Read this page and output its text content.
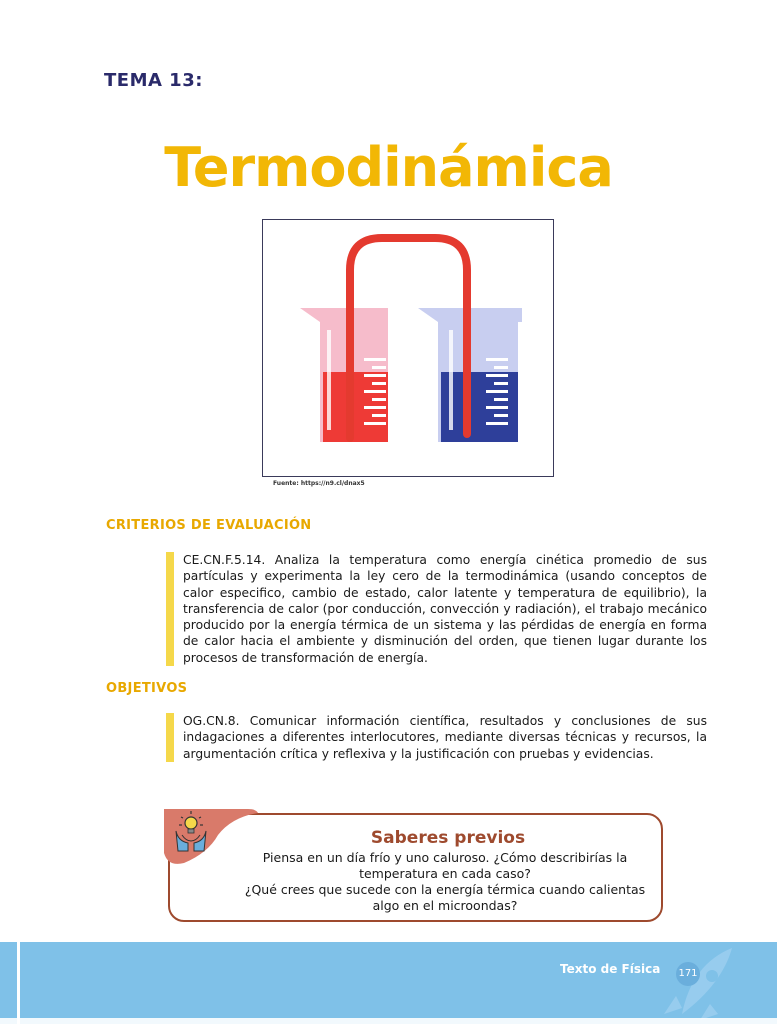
TEMA 13:
Termodinámica
Fuente: https://n9.cl/dnax5
CRITERIOS DE EVALUACIÓN
CE.CN.F.5.14. Analiza la temperatura como energía cinética promedio de sus partículas y experimenta la ley cero de la termodinámica (usando conceptos de calor especifico, cambio de estado, calor latente y temperatura de equilibrio), la transferencia de calor (por conducción, convección y radiación), el trabajo mecánico producido por la energía térmica de un sistema y las pérdidas de energía en forma de calor hacia el ambiente y disminución del orden, que tienen lugar durante los procesos de transformación de energía.
OBJETIVOS
OG.CN.8. Comunicar información científica, resultados y conclusiones de sus indagaciones a diferentes interlocutores, mediante diversas técnicas y recursos, la argumentación crítica y reflexiva y la justificación con pruebas y evidencias.
Saberes previos
Piensa en un día frío y uno caluroso. ¿Cómo describirías la temperatura en cada caso?
¿Qué crees que sucede con la energía térmica cuando calientas algo en el microondas?
Texto de Física 171
